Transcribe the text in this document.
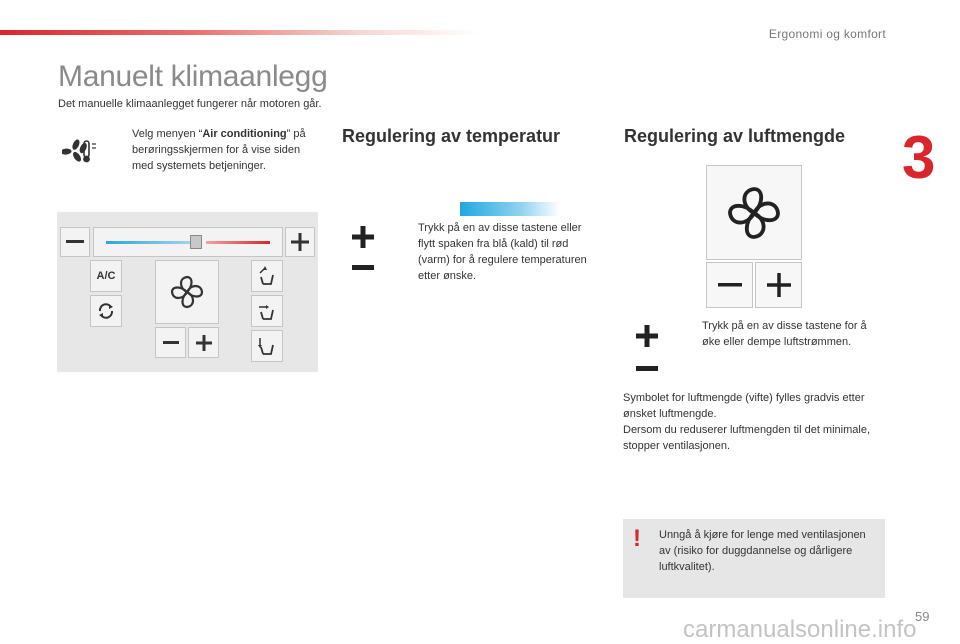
Ergonomi og komfort
3
Manuelt klimaanlegg
Det manuelle klimaanlegget fungerer når motoren går.
Velg menyen “Air conditioning” på berøringsskjermen for å vise siden med systemets betjeninger.
A/C
Regulering av temperatur
Trykk på en av disse tastene eller flytt spaken fra blå (kald) til rød (varm) for å regulere temperaturen etter ønske.
Regulering av luftmengde
Trykk på en av disse tastene for å øke eller dempe luftstrømmen.
Symbolet for luftmengde (vifte) fylles gradvis etter ønsket luftmengde.
Dersom du reduserer luftmengden til det minimale, stopper ventilasjonen.
! Unngå å kjøre for lenge med ventilasjonen av (risiko for duggdannelse og dårligere luftkvalitet).
59
carmanualsonline.info
